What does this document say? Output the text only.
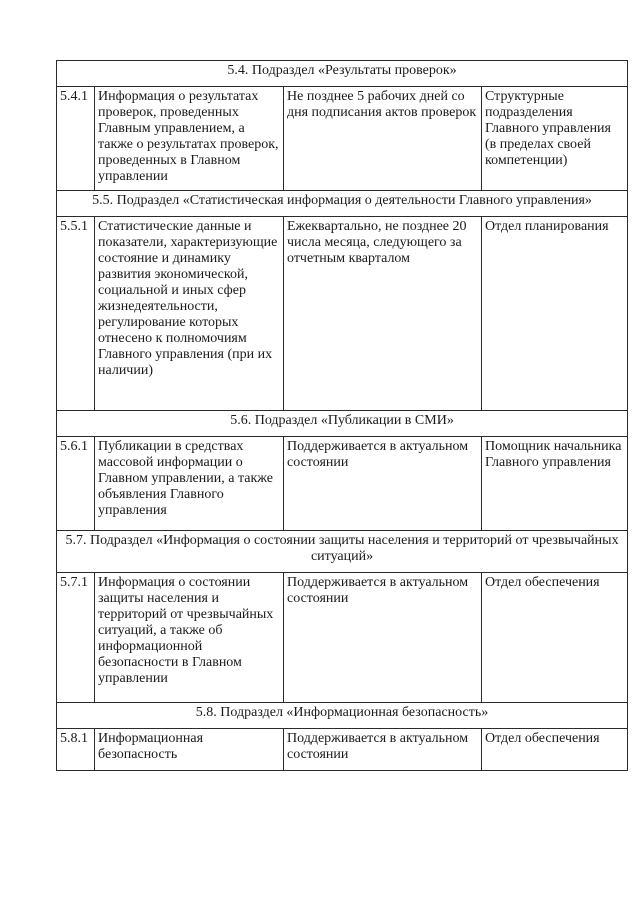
5.4. Подраздел «Результаты проверок»			
5.4.1	Информация о результатах проверок, проведенных Главным управлением, а также о результатах проверок, проведенных в Главном управлении	Не позднее 5 рабочих дней со дня подписания актов проверок	Структурные подразделения Главного управления (в пределах своей компетенции)
5.5. Подраздел «Статистическая информация о деятельности Главного управления»			
5.5.1	Статистические данные и показатели, характеризующие состояние и динамику развития экономической, социальной и иных сфер жизнедеятельности, регулирование которых отнесено к полномочиям Главного управления (при их наличии)	Ежеквартально, не позднее 20 числа месяца, следующего за отчетным кварталом	Отдел планирования
5.6. Подраздел «Публикации в СМИ»			
5.6.1	Публикации в средствах массовой информации о Главном управлении, а также объявления Главного управления	Поддерживается в актуальном состоянии	Помощник начальника Главного управления
5.7. Подраздел «Информация о состоянии защиты населения и территорий от чрезвычайных ситуаций»			
5.7.1	Информация о состоянии защиты населения и территорий от чрезвычайных ситуаций, а также об информационной безопасности в Главном управлении	Поддерживается в актуальном состоянии	Отдел обеспечения
5.8. Подраздел «Информационная безопасность»			
5.8.1	Информационная безопасность	Поддерживается в актуальном состоянии	Отдел обеспечения
